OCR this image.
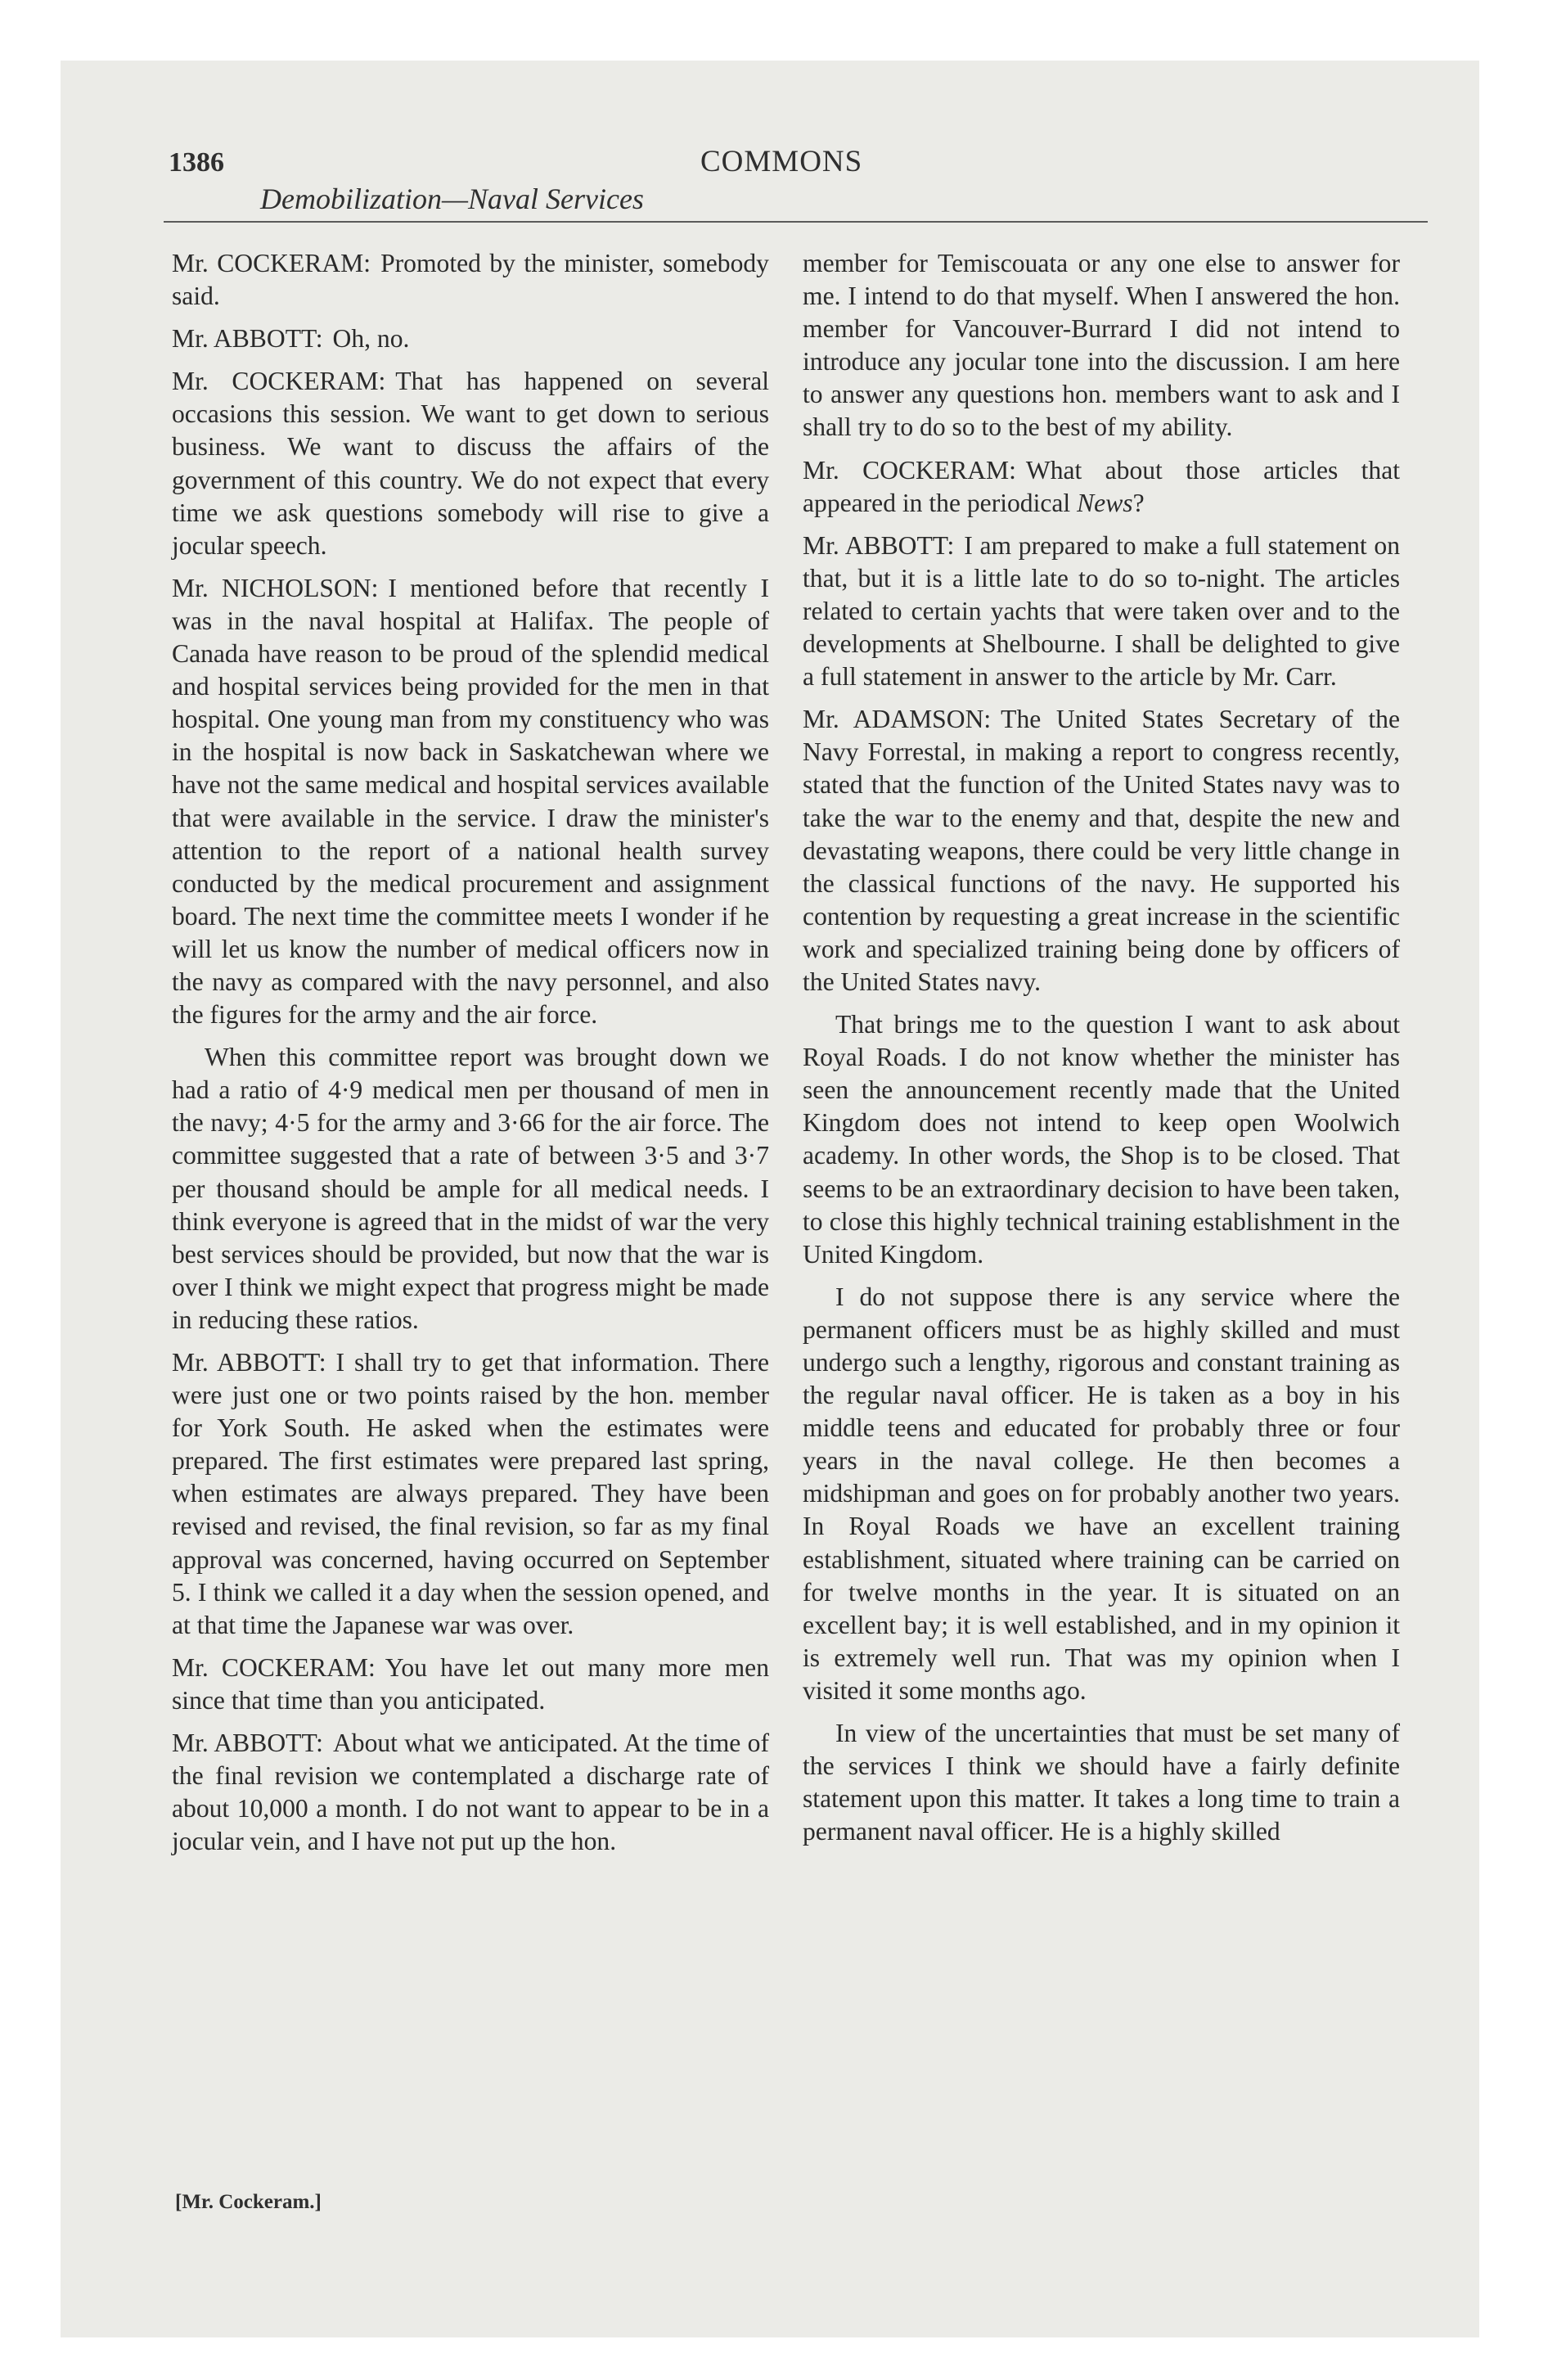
1386	COMMONS
Demobilization—Naval Services

Mr. COCKERAM: Promoted by the minister, somebody said.

Mr. ABBOTT: Oh, no.

Mr. COCKERAM: That has happened on several occasions this session. We want to get down to serious business. We want to discuss the affairs of the government of this country. We do not expect that every time we ask questions somebody will rise to give a jocular speech.

Mr. NICHOLSON: I mentioned before that recently I was in the naval hospital at Halifax. The people of Canada have reason to be proud of the splendid medical and hospital services being provided for the men in that hospital. One young man from my constituency who was in the hospital is now back in Saskatchewan where we have not the same medical and hospital services available that were available in the service. I draw the minister's attention to the report of a national health survey conducted by the medical procurement and assignment board. The next time the committee meets I wonder if he will let us know the number of medical officers now in the navy as compared with the navy personnel, and also the figures for the army and the air force.

When this committee report was brought down we had a ratio of 4·9 medical men per thousand of men in the navy; 4·5 for the army and 3·66 for the air force. The committee suggested that a rate of between 3·5 and 3·7 per thousand should be ample for all medical needs. I think everyone is agreed that in the midst of war the very best services should be provided, but now that the war is over I think we might expect that progress might be made in reducing these ratios.

Mr. ABBOTT: I shall try to get that information. There were just one or two points raised by the hon. member for York South. He asked when the estimates were prepared. The first estimates were prepared last spring, when estimates are always prepared. They have been revised and revised, the final revision, so far as my final approval was concerned, having occurred on September 5. I think we called it a day when the session opened, and at that time the Japanese war was over.

Mr. COCKERAM: You have let out many more men since that time than you anticipated.

Mr. ABBOTT: About what we anticipated. At the time of the final revision we contemplated a discharge rate of about 10,000 a month. I do not want to appear to be in a jocular vein, and I have not put up the hon.

member for Temiscouata or any one else to answer for me. I intend to do that myself. When I answered the hon. member for Vancouver-Burrard I did not intend to introduce any jocular tone into the discussion. I am here to answer any questions hon. members want to ask and I shall try to do so to the best of my ability.

Mr. COCKERAM: What about those articles that appeared in the periodical News?

Mr. ABBOTT: I am prepared to make a full statement on that, but it is a little late to do so to-night. The articles related to certain yachts that were taken over and to the developments at Shelbourne. I shall be delighted to give a full statement in answer to the article by Mr. Carr.

Mr. ADAMSON: The United States Secretary of the Navy Forrestal, in making a report to congress recently, stated that the function of the United States navy was to take the war to the enemy and that, despite the new and devastating weapons, there could be very little change in the classical functions of the navy. He supported his contention by requesting a great increase in the scientific work and specialized training being done by officers of the United States navy.

That brings me to the question I want to ask about Royal Roads. I do not know whether the minister has seen the announcement recently made that the United Kingdom does not intend to keep open Woolwich academy. In other words, the Shop is to be closed. That seems to be an extraordinary decision to have been taken, to close this highly technical training establishment in the United Kingdom.

I do not suppose there is any service where the permanent officers must be as highly skilled and must undergo such a lengthy, rigorous and constant training as the regular naval officer. He is taken as a boy in his middle teens and educated for probably three or four years in the naval college. He then becomes a midshipman and goes on for probably another two years. In Royal Roads we have an excellent training establishment, situated where training can be carried on for twelve months in the year. It is situated on an excellent bay; it is well established, and in my opinion it is extremely well run. That was my opinion when I visited it some months ago.

In view of the uncertainties that must be set many of the services I think we should have a fairly definite statement upon this matter. It takes a long time to train a permanent naval officer. He is a highly skilled

[Mr. Cockeram.]
